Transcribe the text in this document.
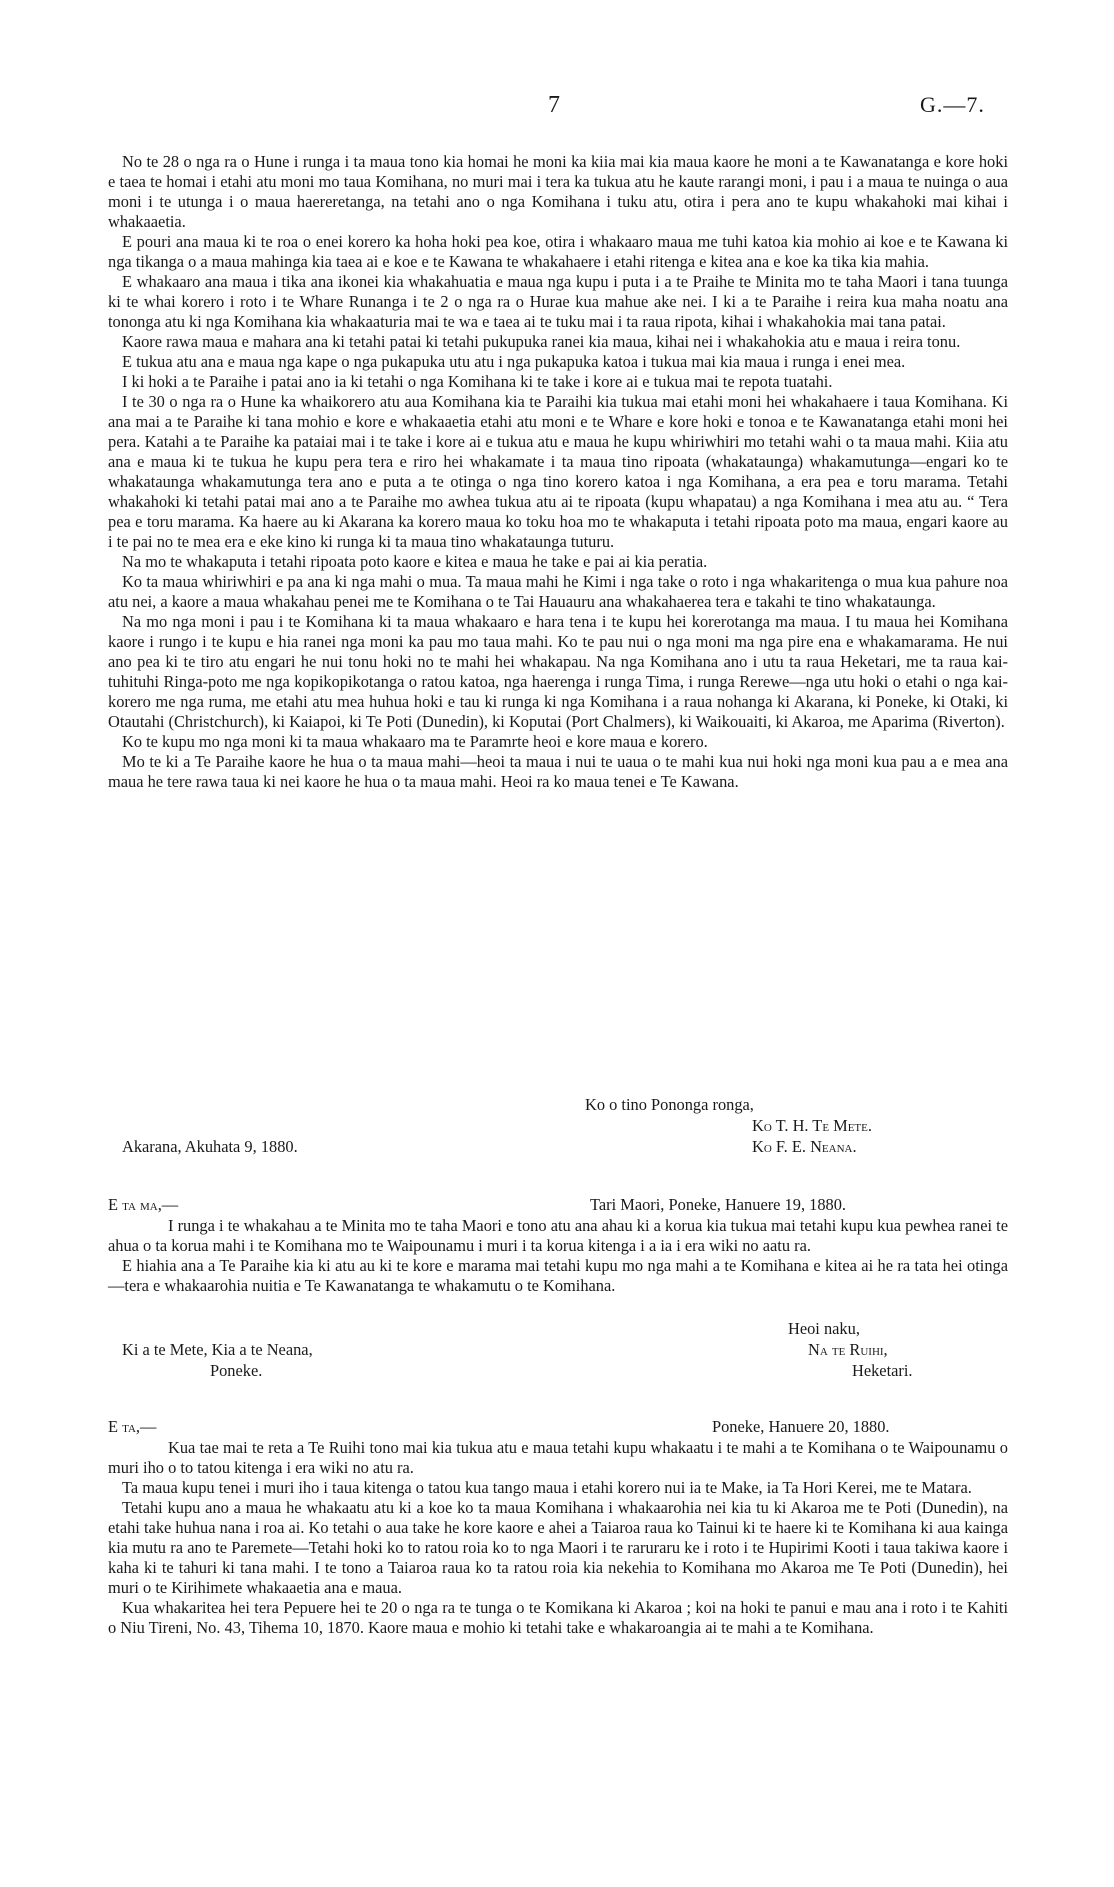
7	G.—7.

No te 28 o nga ra o Hune i runga i ta maua tono kia homai he moni ka kiia mai kia maua kaore he moni a te Kawanatanga e kore hoki e taea te homai i etahi atu moni mo taua Komihana, no muri mai i tera ka tukua atu he kaute rarangi moni, i pau i a maua te nuinga o aua moni i te utunga i o maua haereretanga, na tetahi ano o nga Komihana i tuku atu, otira i pera ano te kupu whakahoki mai kihai i whakaaetia.

E pouri ana maua ki te roa o enei korero ka hoha hoki pea koe, otira i whakaaro maua me tuhi katoa kia mohio ai koe e te Kawana ki nga tikanga o a maua mahinga kia taea ai e koe e te Kawana te whakahaere i etahi ritenga e kitea ana e koe ka tika kia mahia.

E whakaaro ana maua i tika ana ikonei kia whakahuatia e maua nga kupu i puta i a te Praihe te Minita mo te taha Maori i tana tuunga ki te whai korero i roto i te Whare Runanga i te 2 o nga ra o Hurae kua mahue ake nei. I ki a te Paraihe i reira kua maha noatu ana tononga atu ki nga Komihana kia whakaaturia mai te wa e taea ai te tuku mai i ta raua ripota, kihai i whakahokia mai tana patai.

Kaore rawa maua e mahara ana ki tetahi patai ki tetahi pukupuka ranei kia maua, kihai nei i whakahokia atu e maua i reira tonu.

E tukua atu ana e maua nga kape o nga pukapuka utu atu i nga pukapuka katoa i tukua mai kia maua i runga i enei mea.

I ki hoki a te Paraihe i patai ano ia ki tetahi o nga Komihana ki te take i kore ai e tukua mai te repota tuatahi.

I te 30 o nga ra o Hune ka whaikorero atu aua Komihana kia te Paraihi kia tukua mai etahi moni hei whakahaere i taua Komihana. Ki ana mai a te Paraihe ki tana mohio e kore e whakaaetia etahi atu moni e te Whare e kore hoki e tonoa e te Kawanatanga etahi moni hei pera. Katahi a te Paraihe ka pataiai mai i te take i kore ai e tukua atu e maua he kupu whiriwhiri mo tetahi wahi o ta maua mahi. Kiia atu ana e maua ki te tukua he kupu pera tera e riro hei whakamate i ta maua tino ripoata (whakataunga) whakamutunga—engari ko te whakataunga whakamutunga tera ano e puta a te otinga o nga tino korero katoa i nga Komihana, a era pea e toru marama. Tetahi whakahoki ki tetahi patai mai ano a te Paraihe mo awhea tukua atu ai te ripoata (kupu whapatau) a nga Komihana i mea atu au. “ Tera pea e toru marama. Ka haere au ki Akarana ka korero maua ko toku hoa mo te whakaputa i tetahi ripoata poto ma maua, engari kaore au i te pai no te mea era e eke kino ki runga ki ta maua tino whakataunga tuturu.

Na mo te whakaputa i tetahi ripoata poto kaore e kitea e maua he take e pai ai kia peratia.

Ko ta maua whiriwhiri e pa ana ki nga mahi o mua. Ta maua mahi he Kimi i nga take o roto i nga whakaritenga o mua kua pahure noa atu nei, a kaore a maua whakahau penei me te Komihana o te Tai Hauauru ana whakahaerea tera e takahi te tino whakataunga.

Na mo nga moni i pau i te Komihana ki ta maua whakaaro e hara tena i te kupu hei korerotanga ma maua. I tu maua hei Komihana kaore i rungo i te kupu e hia ranei nga moni ka pau mo taua mahi. Ko te pau nui o nga moni ma nga pire ena e whakamarama. He nui ano pea ki te tiro atu engari he nui tonu hoki no te mahi hei whakapau. Na nga Komihana ano i utu ta raua Heketari, me ta raua kai-tuhituhi Ringa-poto me nga kopikopikotanga o ratou katoa, nga haerenga i runga Tima, i runga Rerewe—nga utu hoki o etahi o nga kai-korero me nga ruma, me etahi atu mea huhua hoki e tau ki runga ki nga Komihana i a raua nohanga ki Akarana, ki Poneke, ki Otaki, ki Otautahi (Christchurch), ki Kaiapoi, ki Te Poti (Dunedin), ki Koputai (Port Chalmers), ki Waikouaiti, ki Akaroa, me Aparima (Riverton).

Ko te kupu mo nga moni ki ta maua whakaaro ma te Paramrte heoi e kore maua e korero.

Mo te ki a Te Paraihe kaore he hua o ta maua mahi—heoi ta maua i nui te uaua o te mahi kua nui hoki nga moni kua pau a e mea ana maua he tere rawa taua ki nei kaore he hua o ta maua mahi. Heoi ra ko maua tenei e Te Kawana.

Ko o tino Pononga ronga,
Ko T. H. Te Mete.
Akarana, Akuhata 9, 1880.	Ko F. E. Neana.
E ta ma,—	Tari Maori, Poneke, Hanuere 19, 1880.

I runga i te whakahau a te Minita mo te taha Maori e tono atu ana ahau ki a korua kia tukua mai tetahi kupu kua pewhea ranei te ahua o ta korua mahi i te Komihana mo te Waipounamu i muri i ta korua kitenga i a ia i era wiki no aatu ra.

E hiahia ana a Te Paraihe kia ki atu au ki te kore e marama mai tetahi kupu mo nga mahi a te Komihana e kitea ai he ra tata hei otinga—tera e whakaarohia nuitia e Te Kawanatanga te whakamutu o te Komihana.

Heoi naku,
Ki a te Mete, Kia a te Neana,	Na te Ruihi,
Poneke.	Heketari.
E ta,—	Poneke, Hanuere 20, 1880.

Kua tae mai te reta a Te Ruihi tono mai kia tukua atu e maua tetahi kupu whakaatu i te mahi a te Komihana o te Waipounamu o muri iho o to tatou kitenga i era wiki no atu ra.

Ta maua kupu tenei i muri iho i taua kitenga o tatou kua tango maua i etahi korero nui ia te Make, ia Ta Hori Kerei, me te Matara.

Tetahi kupu ano a maua he whakaatu atu ki a koe ko ta maua Komihana i whakaarohia nei kia tu ki Akaroa me te Poti (Dunedin), na etahi take huhua nana i roa ai. Ko tetahi o aua take he kore kaore e ahei a Taiaroa raua ko Tainui ki te haere ki te Komihana ki aua kainga kia mutu ra ano te Paremete—Tetahi hoki ko to ratou roia ko to nga Maori i te raruraru ke i roto i te Hupirimi Kooti i taua takiwa kaore i kaha ki te tahuri ki tana mahi. I te tono a Taiaroa raua ko ta ratou roia kia nekehia to Komihana mo Akaroa me Te Poti (Dunedin), hei muri o te Kirihimete whakaaetia ana e maua.

Kua whakaritea hei tera Pepuere hei te 20 o nga ra te tunga o te Komikana ki Akaroa ; koi na hoki te panui e mau ana i roto i te Kahiti o Niu Tireni, No. 43, Tihema 10, 1870. Kaore maua e mohio ki tetahi take e whakaroangia ai te mahi a te Komihana.
